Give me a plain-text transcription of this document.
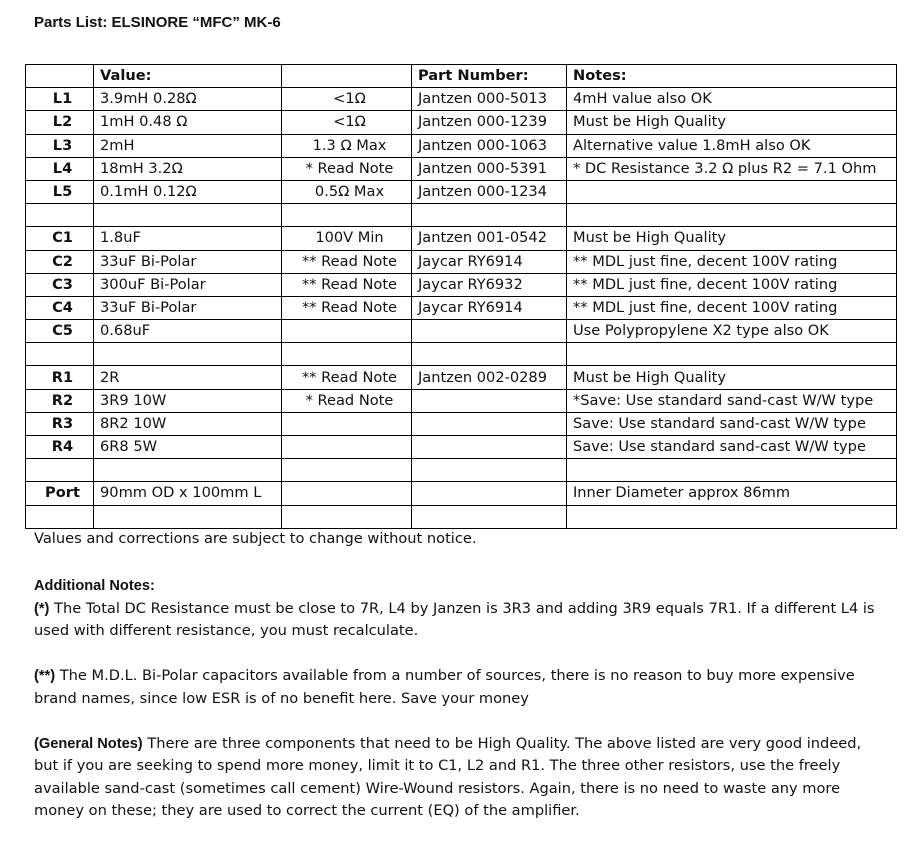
Parts List: ELSINORE “MFC” MK-6
	Value:		Part Number:	Notes:
L1	3.9mH 0.28Ω	<1Ω	Jantzen 000-5013	4mH value also OK
L2	1mH 0.48 Ω	<1Ω	Jantzen 000-1239	Must be High Quality
L3	2mH	1.3 Ω Max	Jantzen 000-1063	Alternative value 1.8mH also OK
L4	18mH 3.2Ω	* Read Note	Jantzen 000-5391	* DC Resistance 3.2 Ω plus R2 = 7.1 Ohm
L5	0.1mH 0.12Ω	0.5Ω Max	Jantzen 000-1234	

C1	1.8uF	100V Min	Jantzen 001-0542	Must be High Quality
C2	33uF Bi-Polar	** Read Note	Jaycar RY6914	** MDL just fine, decent 100V rating
C3	300uF Bi-Polar	** Read Note	Jaycar RY6932	** MDL just fine, decent 100V rating
C4	33uF Bi-Polar	** Read Note	Jaycar RY6914	** MDL just fine, decent 100V rating
C5	0.68uF			Use Polypropylene X2 type also OK

R1	2R	** Read Note	Jantzen 002-0289	Must be High Quality
R2	3R9 10W	* Read Note		*Save: Use standard sand-cast W/W type
R3	8R2 10W			Save: Use standard sand-cast W/W type
R4	6R8 5W			Save: Use standard sand-cast W/W type

Port	90mm OD x 100mm L			Inner Diameter approx 86mm

Values and corrections are subject to change without notice.
Additional Notes:

(*) The Total DC Resistance must be close to 7R, L4 by Janzen is 3R3 and adding 3R9 equals 7R1. If a different L4 is used with different resistance, you must recalculate.

(**) The M.D.L. Bi-Polar capacitors available from a number of sources, there is no reason to buy more expensive brand names, since low ESR is of no benefit here. Save your money

(General Notes) There are three components that need to be High Quality. The above listed are very good indeed, but if you are seeking to spend more money, limit it to C1, L2 and R1. The three other resistors, use the freely available sand-cast (sometimes call cement) Wire-Wound resistors. Again, there is no need to waste any more money on these; they are used to correct the current (EQ) of the amplifier.
